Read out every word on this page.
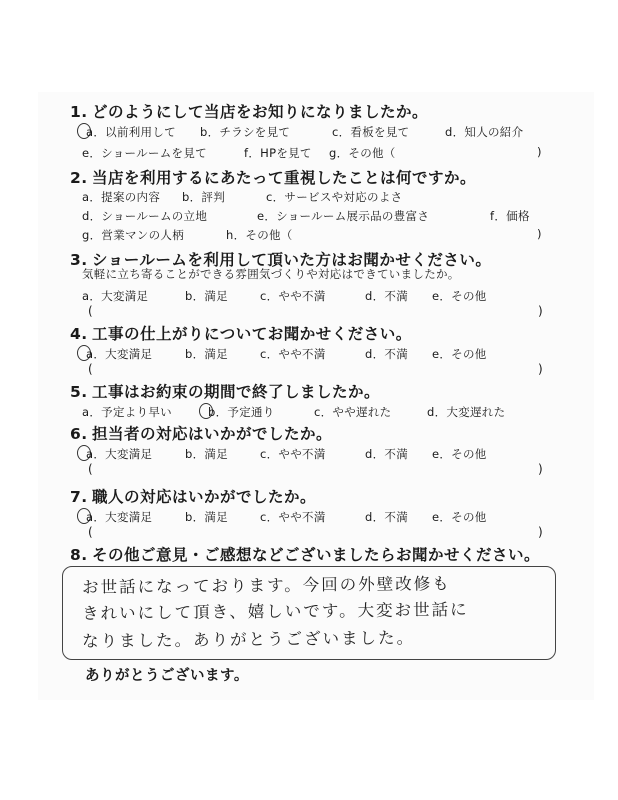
1. どのようにして当店をお知りになりましたか。

a．以前利用して b．チラシを見て	c．看板を見て	d．知人の紹介
e．ショールームを見て	f．HPを見て g．その他（	)
2. 当店を利用するにあたって重視したことは何ですか。
a．提案の内容 b．評判	c．サービスや対応のよさ
d．ショールームの立地	e．ショールーム展示品の豊富さ	f．価格
g．営業マンの人柄	h．その他（	)
3. ショールームを利用して頂いた方はお聞かせください。
気軽に立ち寄ることができる雰囲気づくりや対応はできていましたか。
a．大変満足	b．満足	c．やや不満	d．不満 e．その他
(	)
4. 工事の仕上がりについてお聞かせください。

a．大変満足	b．満足	c．やや不満	d．不満 e．その他
(	)
5. 工事はお約束の期間で終了しましたか。
a．予定より早い
	b．予定通り	c．やや遅れた	d．大変遅れた
6. 担当者の対応はいかがでしたか。

a．大変満足	b．満足	c．やや不満	d．不満 e．その他
(	)
7. 職人の対応はいかがでしたか。

a．大変満足	b．満足	c．やや不満	d．不満 e．その他
(	)
8. その他ご意見・ご感想などございましたらお聞かせください。
お世話になっております。今回の外壁改修も
きれいにして頂き、嬉しいです。大変お世話に
なりました。ありがとうございました。
ありがとうございます。
